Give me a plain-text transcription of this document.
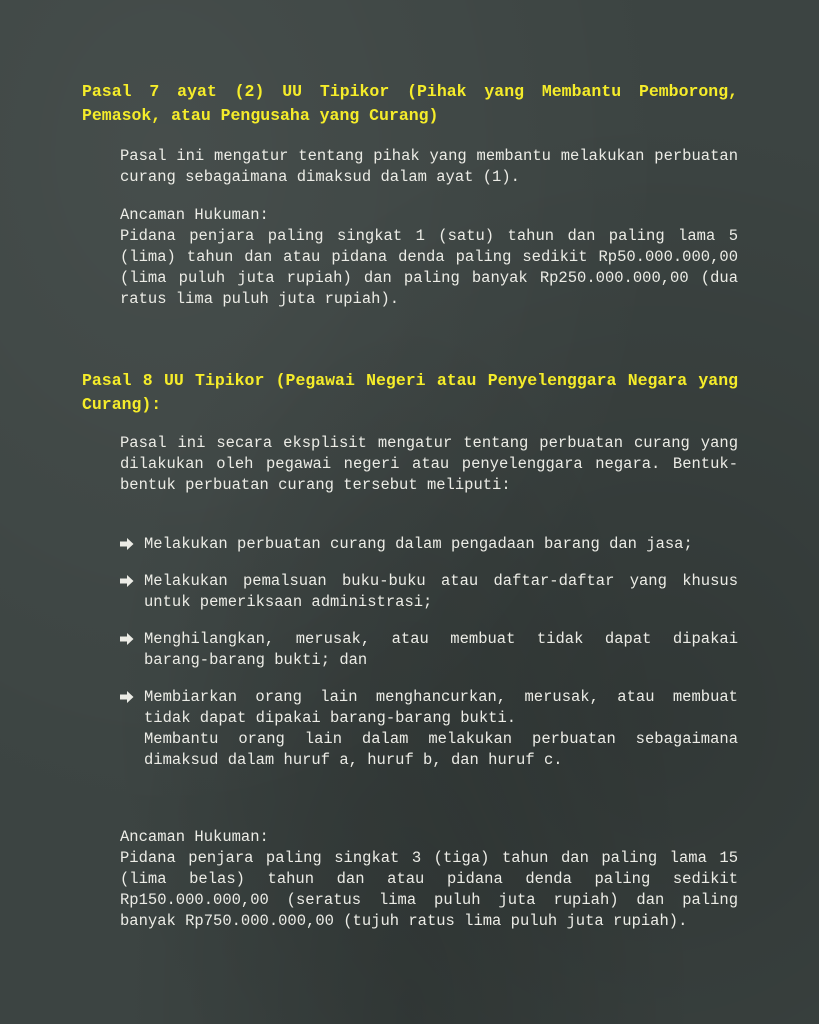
Pasal 7 ayat (2) UU Tipikor (Pihak yang Membantu Pemborong, Pemasok, atau Pengusaha yang Curang)

Pasal ini mengatur tentang pihak yang membantu melakukan perbuatan curang sebagaimana dimaksud dalam ayat (1).

Ancaman Hukuman:
Pidana penjara paling singkat 1 (satu) tahun dan paling lama 5 (lima) tahun dan atau pidana denda paling sedikit Rp50.000.000,00 (lima puluh juta rupiah) dan paling banyak Rp250.000.000,00 (dua ratus lima puluh juta rupiah).
Pasal 8 UU Tipikor (Pegawai Negeri atau Penyelenggara Negara yang Curang):

Pasal ini secara eksplisit mengatur tentang perbuatan curang yang dilakukan oleh pegawai negeri atau penyelenggara negara. Bentuk-bentuk perbuatan curang tersebut meliputi:

Melakukan perbuatan curang dalam pengadaan barang dan jasa;
Melakukan pemalsuan buku-buku atau daftar-daftar yang khusus untuk pemeriksaan administrasi;
Menghilangkan, merusak, atau membuat tidak dapat dipakai barang-barang bukti; dan
Membiarkan orang lain menghancurkan, merusak, atau membuat tidak dapat dipakai barang-barang bukti.
Membantu orang lain dalam melakukan perbuatan sebagaimana dimaksud dalam huruf a, huruf b, dan huruf c.
Ancaman Hukuman:
Pidana penjara paling singkat 3 (tiga) tahun dan paling lama 15 (lima belas) tahun dan atau pidana denda paling sedikit Rp150.000.000,00 (seratus lima puluh juta rupiah) dan paling banyak Rp750.000.000,00 (tujuh ratus lima puluh juta rupiah).
